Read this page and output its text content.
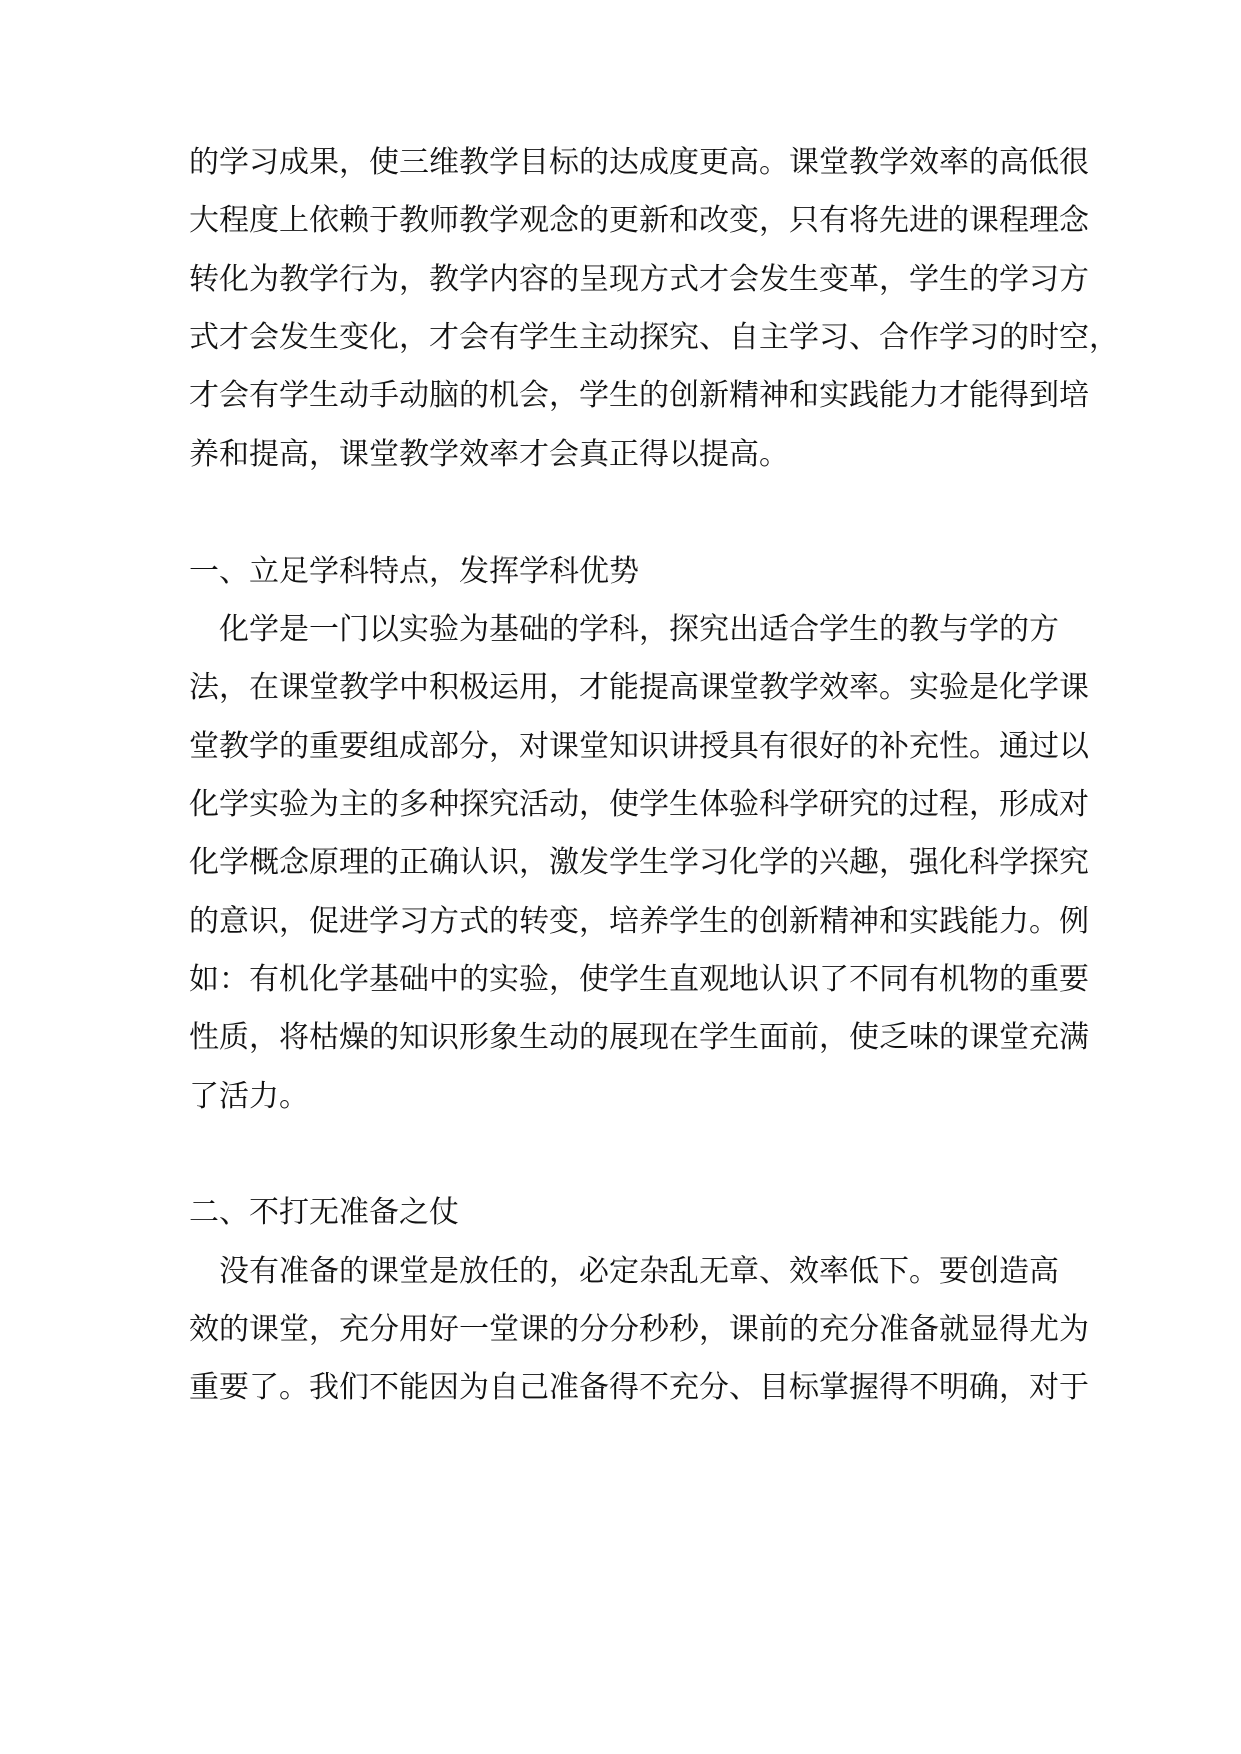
的学习成果，使三维教学目标的达成度更高。课堂教学效率的高低很

大程度上依赖于教师教学观念的更新和改变，只有将先进的课程理念

转化为教学行为，教学内容的呈现方式才会发生变革，学生的学习方

式才会发生变化，才会有学生主动探究、自主学习、合作学习的时空，

才会有学生动手动脑的机会，学生的创新精神和实践能力才能得到培

养和提高，课堂教学效率才会真正得以提高。

一、立足学科特点，发挥学科优势

　化学是一门以实验为基础的学科，探究出适合学生的教与学的方

法，在课堂教学中积极运用，才能提高课堂教学效率。实验是化学课

堂教学的重要组成部分，对课堂知识讲授具有很好的补充性。通过以

化学实验为主的多种探究活动，使学生体验科学研究的过程，形成对

化学概念原理的正确认识，激发学生学习化学的兴趣，强化科学探究

的意识，促进学习方式的转变，培养学生的创新精神和实践能力。例

如：有机化学基础中的实验，使学生直观地认识了不同有机物的重要

性质，将枯燥的知识形象生动的展现在学生面前，使乏味的课堂充满

了活力。

二、不打无准备之仗

　没有准备的课堂是放任的，必定杂乱无章、效率低下。要创造高

效的课堂，充分用好一堂课的分分秒秒，课前的充分准备就显得尤为

重要了。我们不能因为自己准备得不充分、目标掌握得不明确，对于
